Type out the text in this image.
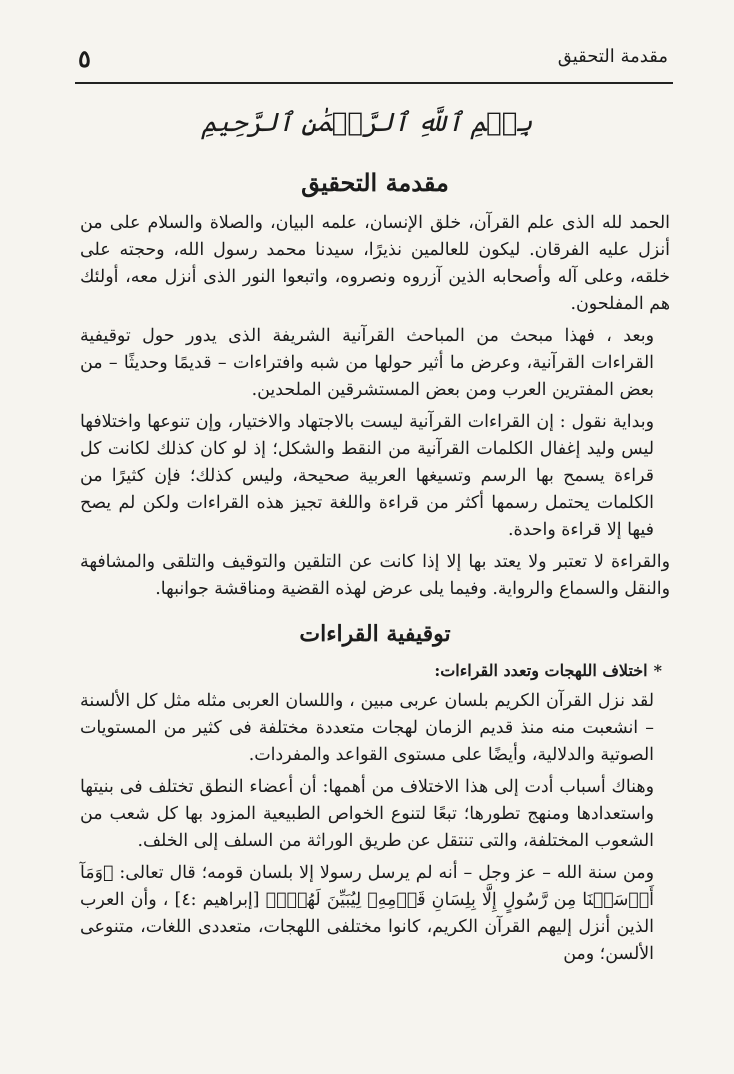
مقدمة التحقيق
٥
بِسۡمِ ٱللَّهِ ٱلرَّحۡمَٰنِ ٱلرَّحِيمِ
مقدمة التحقيق

الحمد لله الذى علم القرآن، خلق الإنسان، علمه البيان، والصلاة والسلام على من أنزل عليه الفرقان. ليكون للعالمين نذيرًا، سيدنا محمد رسول الله، وحجته على خلقه، وعلى آله وأصحابه الذين آزروه ونصروه، واتبعوا النور الذى أنزل معه، أولئك هم المفلحون.

وبعد ، فهذا مبحث من المباحث القرآنية الشريفة الذى يدور حول توقيفية القراءات القرآنية، وعرض ما أثير حولها من شبه وافتراءات – قديمًا وحديثًا – من بعض المفترين العرب ومن بعض المستشرقين الملحدين.

وبداية نقول : إن القراءات القرآنية ليست بالاجتهاد والاختيار، وإن تنوعها واختلافها ليس وليد إغفال الكلمات القرآنية من النقط والشكل؛ إذ لو كان كذلك لكانت كل قراءة يسمح بها الرسم وتسيغها العربية صحيحة، وليس كذلك؛ فإن كثيرًا من الكلمات يحتمل رسمها أكثر من قراءة واللغة تجيز هذه القراءات ولكن لم يصح فيها إلا قراءة واحدة.

والقراءة لا تعتبر ولا يعتد بها إلا إذا كانت عن التلقين والتوقيف والتلقى والمشافهة والنقل والسماع والرواية. وفيما يلى عرض لهذه القضية ومناقشة جوانبها.

توقيفية القراءات
*اختلاف اللهجات وتعدد القراءات:

لقد نزل القرآن الكريم بلسان عربى مبين ، واللسان العربى مثله مثل كل الألسنة – انشعبت منه منذ قديم الزمان لهجات متعددة مختلفة فى كثير من المستويات الصوتية والدلالية، وأيضًا على مستوى القواعد والمفردات.

وهناك أسباب أدت إلى هذا الاختلاف من أهمها: أن أعضاء النطق تختلف فى بنيتها واستعدادها ومنهج تطورها؛ تبعًا لتنوع الخواص الطبيعية المزود بها كل شعب من الشعوب المختلفة، والتى تنتقل عن طريق الوراثة من السلف إلى الخلف.

ومن سنة الله – عز وجل – أنه لم يرسل رسولا إلا بلسان قومه؛ قال تعالى: ﴿وَمَآ أَرۡسَلۡنَا مِن رَّسُولٍ إِلَّا بِلِسَانِ قَوۡمِهِۦ لِيُبَيِّنَ لَهُمۡۖ﴾ [إبراهيم :٤] ، وأن العرب الذين أنزل إليهم القرآن الكريم، كانوا مختلفى اللهجات، متعددى اللغات، متنوعى الألسن؛ ومن
